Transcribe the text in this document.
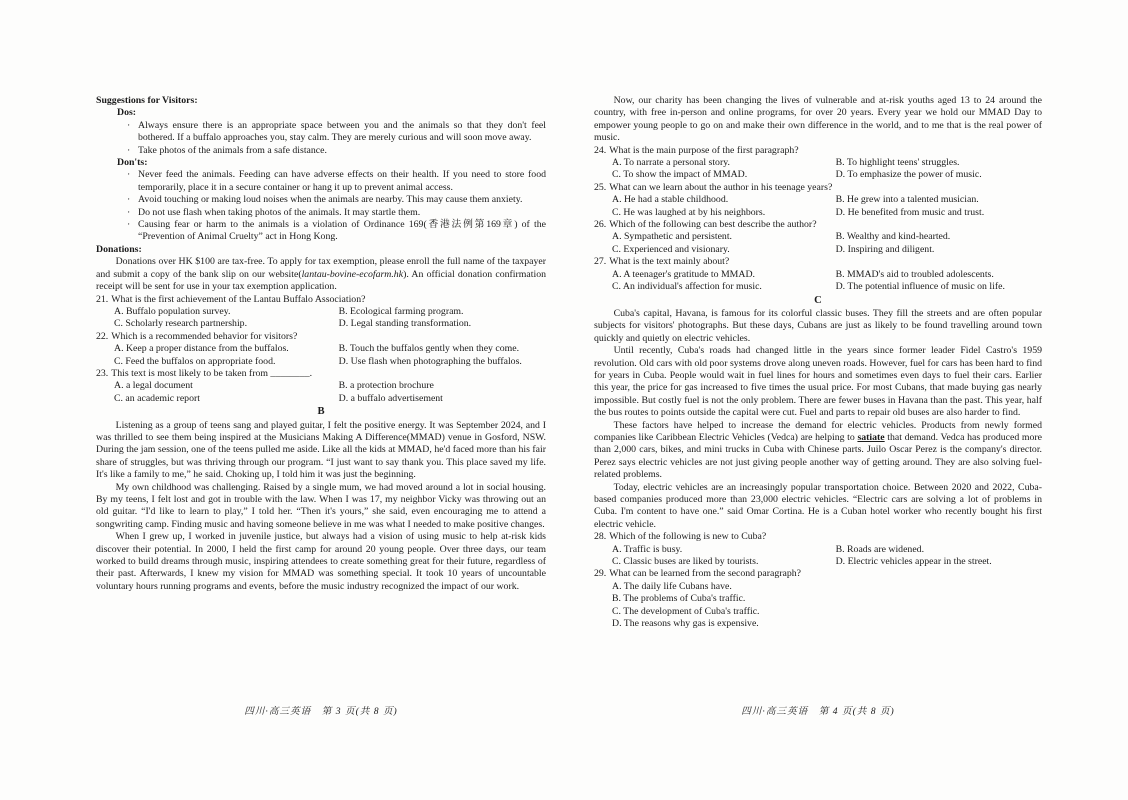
Suggestions for Visitors:
Dos:
· Always ensure there is an appropriate space between you and the animals so that they don't feel bothered. If a buffalo approaches you, stay calm. They are merely curious and will soon move away.
· Take photos of the animals from a safe distance.
Don'ts:
· Never feed the animals. Feeding can have adverse effects on their health. If you need to store food temporarily, place it in a secure container or hang it up to prevent animal access.
· Avoid touching or making loud noises when the animals are nearby. This may cause them anxiety.
· Do not use flash when taking photos of the animals. It may startle them.
· Causing fear or harm to the animals is a violation of Ordinance 169(香港法例第169章) of the “Prevention of Animal Cruelty” act in Hong Kong.
Donations:
Donations over HK $100 are tax-free. To apply for tax exemption, please enroll the full name of the taxpayer and submit a copy of the bank slip on our website(lantau-bovine-ecofarm.hk). An official donation confirmation receipt will be sent for use in your tax exemption application.
21. What is the first achievement of the Lantau Buffalo Association?
A. Buffalo population survey.	B. Ecological farming program.
C. Scholarly research partnership.	D. Legal standing transformation.
22. Which is a recommended behavior for visitors?
A. Keep a proper distance from the buffalos.	B. Touch the buffalos gently when they come.
C. Feed the buffalos on appropriate food.	D. Use flash when photographing the buffalos.
23. This text is most likely to be taken from ________.
A. a legal document	B. a protection brochure
C. an academic report	D. a buffalo advertisement
B
Listening as a group of teens sang and played guitar, I felt the positive energy. It was September 2024, and I was thrilled to see them being inspired at the Musicians Making A Difference(MMAD) venue in Gosford, NSW. During the jam session, one of the teens pulled me aside. Like all the kids at MMAD, he'd faced more than his fair share of struggles, but was thriving through our program. “I just want to say thank you. This place saved my life. It's like a family to me,” he said. Choking up, I told him it was just the beginning.
My own childhood was challenging. Raised by a single mum, we had moved around a lot in social housing. By my teens, I felt lost and got in trouble with the law. When I was 17, my neighbor Vicky was throwing out an old guitar. “I'd like to learn to play,” I told her. “Then it's yours,” she said, even encouraging me to attend a songwriting camp. Finding music and having someone believe in me was what I needed to make positive changes.
When I grew up, I worked in juvenile justice, but always had a vision of using music to help at-risk kids discover their potential. In 2000, I held the first camp for around 20 young people. Over three days, our team worked to build dreams through music, inspiring attendees to create something great for their future, regardless of their past. Afterwards, I knew my vision for MMAD was something special. It took 10 years of uncountable voluntary hours running programs and events, before the music industry recognized the impact of our work.
Now, our charity has been changing the lives of vulnerable and at-risk youths aged 13 to 24 around the country, with free in-person and online programs, for over 20 years. Every year we hold our MMAD Day to empower young people to go on and make their own difference in the world, and to me that is the real power of music.
24. What is the main purpose of the first paragraph?
A. To narrate a personal story.	B. To highlight teens' struggles.
C. To show the impact of MMAD.	D. To emphasize the power of music.
25. What can we learn about the author in his teenage years?
A. He had a stable childhood.	B. He grew into a talented musician.
C. He was laughed at by his neighbors.	D. He benefited from music and trust.
26. Which of the following can best describe the author?
A. Sympathetic and persistent.	B. Wealthy and kind-hearted.
C. Experienced and visionary.	D. Inspiring and diligent.
27. What is the text mainly about?
A. A teenager's gratitude to MMAD.	B. MMAD's aid to troubled adolescents.
C. An individual's affection for music.	D. The potential influence of music on life.
C
Cuba's capital, Havana, is famous for its colorful classic buses. They fill the streets and are often popular subjects for visitors' photographs. But these days, Cubans are just as likely to be found travelling around town quickly and quietly on electric vehicles.
Until recently, Cuba's roads had changed little in the years since former leader Fidel Castro's 1959 revolution. Old cars with old poor systems drove along uneven roads. However, fuel for cars has been hard to find for years in Cuba. People would wait in fuel lines for hours and sometimes even days to fuel their cars. Earlier this year, the price for gas increased to five times the usual price. For most Cubans, that made buying gas nearly impossible. But costly fuel is not the only problem. There are fewer buses in Havana than the past. This year, half the bus routes to points outside the capital were cut. Fuel and parts to repair old buses are also harder to find.
These factors have helped to increase the demand for electric vehicles. Products from newly formed companies like Caribbean Electric Vehicles (Vedca) are helping to satiate that demand. Vedca has produced more than 2,000 cars, bikes, and mini trucks in Cuba with Chinese parts. Juilo Oscar Perez is the company's director. Perez says electric vehicles are not just giving people another way of getting around. They are also solving fuel-related problems.
Today, electric vehicles are an increasingly popular transportation choice. Between 2020 and 2022, Cuba-based companies produced more than 23,000 electric vehicles. “Electric cars are solving a lot of problems in Cuba. I'm content to have one.” said Omar Cortina. He is a Cuban hotel worker who recently bought his first electric vehicle.
28. Which of the following is new to Cuba?
A. Traffic is busy.	B. Roads are widened.
C. Classic buses are liked by tourists.	D. Electric vehicles appear in the street.
29. What can be learned from the second paragraph?
A. The daily life Cubans have.
B. The problems of Cuba's traffic.
C. The development of Cuba's traffic.
D. The reasons why gas is expensive.
四川·高三英语　第 3 页(共 8 页)	四川·高三英语　第 4 页(共 8 页)
